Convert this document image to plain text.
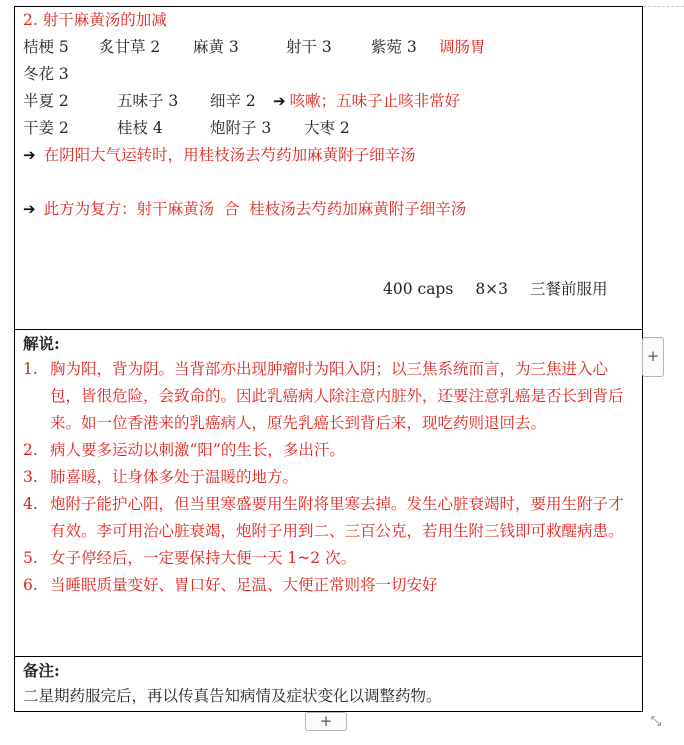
2. 射干麻黄汤的加减
桔梗 5 炙甘草 2 麻黄 3	射干 3	紫菀 3 调肠胃
冬花 3
半夏 2	五味子 3 细辛 2	➔ 咳嗽；五味子止咳非常好
干姜 2	桂枝 4	炮附子 3 大枣 2
➔ 在阴阳大气运转时，用桂枝汤去芍药加麻黄附子细辛汤
➔ 此方为复方：射干麻黄汤  合  桂枝汤去芍药加麻黄附子细辛汤
400 caps 8×3 三餐前服用
解说:
1. 胸为阳，背为阴。当背部亦出现肿瘤时为阳入阴；以三焦系统而言，为三焦进入心包，皆很危险，会致命的。因此乳癌病人除注意内脏外，还要注意乳癌是否长到背后来。如一位香港来的乳癌病人，原先乳癌长到背后来，现吃药则退回去。
2. 病人要多运动以刺激“阳”的生长，多出汗。
3. 肺喜暖，让身体多处于温暖的地方。
4. 炮附子能护心阳，但当里寒盛要用生附将里寒去掉。发生心脏衰竭时，要用生附子才有效。李可用治心脏衰竭，炮附子用到二、三百公克，若用生附三钱即可救醒病患。
5. 女子停经后，一定要保持大便一天 1~2 次。
6. 当睡眠质量变好、胃口好、足温、大便正常则将一切安好
备注:
二星期药服完后，再以传真告知病情及症状变化以调整药物。
+
+	⤡
